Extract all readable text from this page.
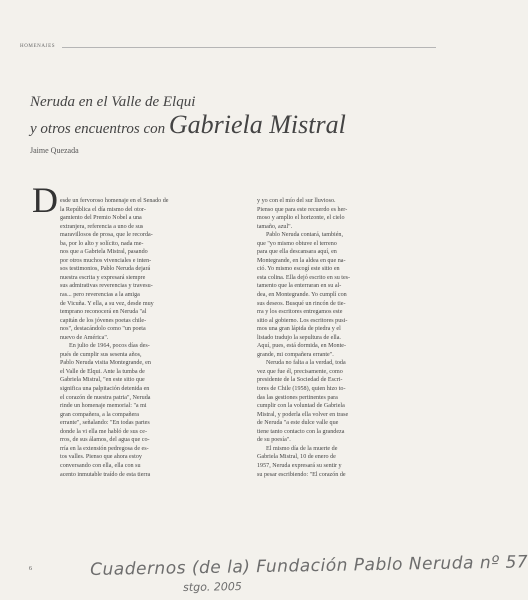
HOMENAJES
Neruda en el Valle de Elqui
y otros encuentros con Gabriela Mistral
Jaime Quezada
D esde un fervoroso homenaje en el Senado de
la República el día mismo del otor-
gamiento del Premio Nobel a una
extranjera, referencia a uno de sus
maravillosos de prosa, que le recorda-
ba, por lo alto y solícito, nada me-
nos que a Gabriela Mistral, pasando
por otros muchos vivenciales e inten-
sos testimonios, Pablo Neruda dejará
nuestra escrita y expresará siempre
sus admirativas reverencias y travesu-
ras... pero reverencias a la amiga
de Vicuña. Y ella, a su vez, desde muy
temprano reconocerá en Neruda "al
capitán de los jóvenes poetas chile-
nos", destacándolo como "un poeta
nuevo de América".
En julio de 1964, pocos días des-
pués de cumplir sus sesenta años,
Pablo Neruda visita Montegrande, en
el Valle de Elqui. Ante la tumba de
Gabriela Mistral, "en este sitio que
significa una palpitación detenida en
el corazón de nuestra patria", Neruda
rinde un homenaje memorial: "a mi
gran compañera, a la compañera
errante", señalando: "En todas partes
donde la vi ella me habló de sus ce-
rros, de sus álamos, del agua que co-
rría en la extensión pedregosa de es-
tos valles. Pienso que ahora estoy
conversando con ella, ella con su
acento inmutable traído de esta tierra
y yo con el mío del sur lluvioso.
Pienso que para este recuerdo es her-
moso y amplio el horizonte, el cielo
tamaño, azul".
Pablo Neruda contará, también,
que "yo mismo obtuve el terreno
para que ella descansara aquí, en
Montegrande, en la aldea en que na-
ció. Yo mismo escogí este sitio en
esta colina. Ella dejó escrito en su tes-
tamento que la enterraran en su al-
dea, en Montegrande. Yo cumplí con
sus deseos. Busqué un rincón de tie-
rra y los escritores entregamos este
sitio al gobierno. Los escritores pusi-
mos una gran lápida de piedra y el
listado tradujo la sepultura de ella.
Aquí, pues, está dormida, en Monte-
grande, mi compañera errante".
Neruda no falta a la verdad, toda
vez que fue él, precisamente, como
presidente de la Sociedad de Escri-
tores de Chile (1958), quien hizo to-
das las gestiones pertinentes para
cumplir con la voluntad de Gabriela
Mistral, y poderla ella volver en trase
de Neruda "a este dulce valle que
tiene tanto contacto con la grandeza
de su poesía".
El mismo día de la muerte de
Gabriela Mistral, 10 de enero de
1957, Neruda expresará su sentir y
su pesar escribiendo: "El corazón de
6	Cuadernos (de la) Fundación Pablo Neruda nº 57
stgo. 2005
